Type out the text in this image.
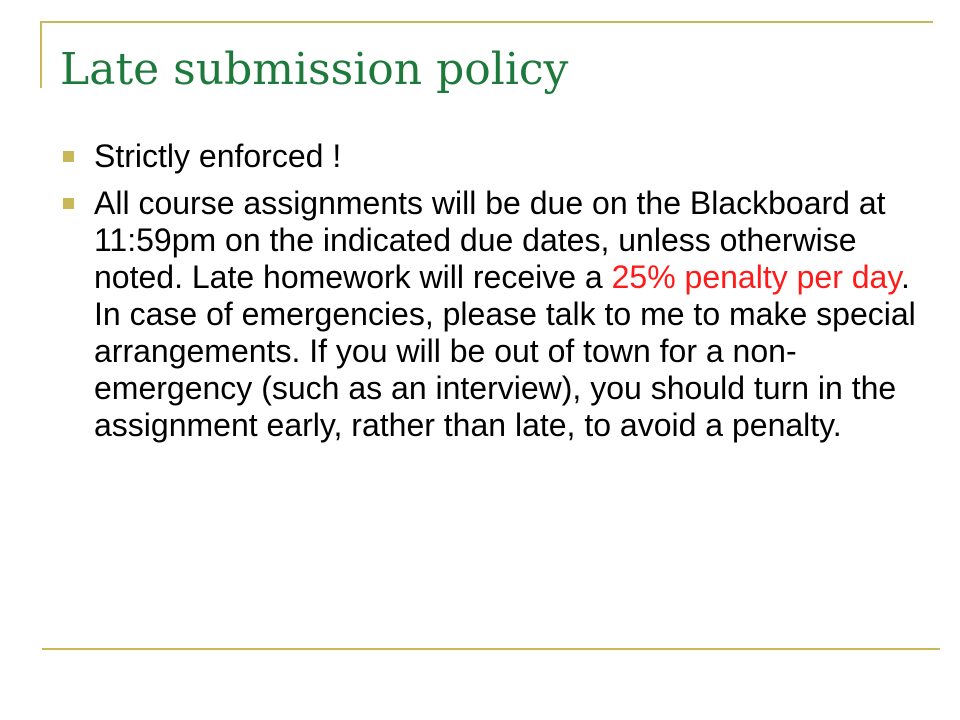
Late submission policy
Strictly enforced !
All course assignments will be due on the Blackboard at 11:59pm on the indicated due dates, unless otherwise noted. Late homework will receive a 25% penalty per day. In case of emergencies, please talk to me to make special arrangements. If you will be out of town for a non-emergency (such as an interview), you should turn in the assignment early, rather than late, to avoid a penalty.
